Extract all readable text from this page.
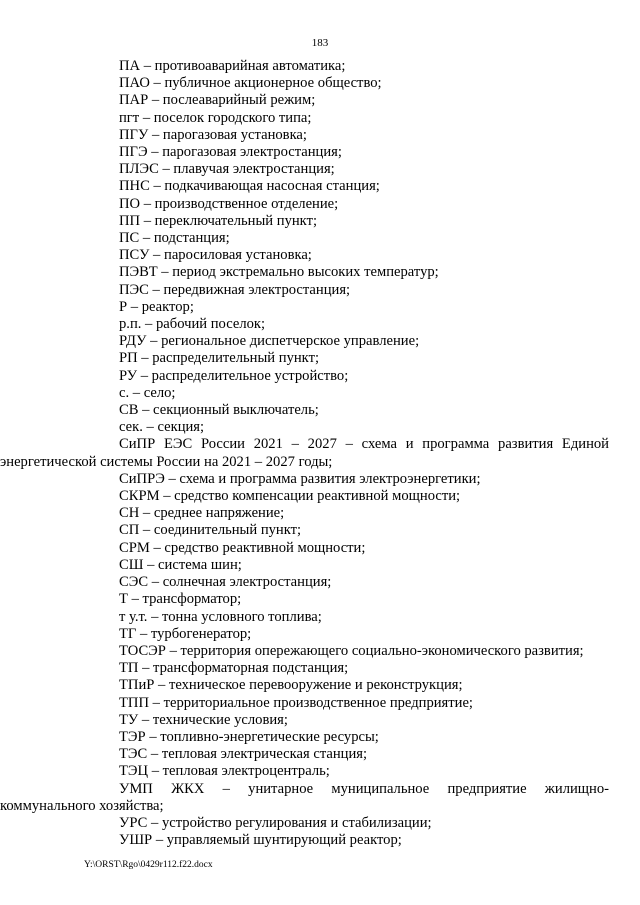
183
ПА – противоаварийная автоматика;
ПАО – публичное акционерное общество;
ПАР – послеаварийный режим;
пгт – поселок городского типа;
ПГУ – парогазовая установка;
ПГЭ – парогазовая электростанция;
ПЛЭС – плавучая электростанция;
ПНС – подкачивающая насосная станция;
ПО – производственное отделение;
ПП – переключательный пункт;
ПС – подстанция;
ПСУ – паросиловая установка;
ПЭВТ – период экстремально высоких температур;
ПЭС – передвижная электростанция;
Р – реактор;
р.п. – рабочий поселок;
РДУ – региональное диспетчерское управление;
РП – распределительный пункт;
РУ – распределительное устройство;
с. – село;
СВ – секционный выключатель;
сек. – секция;
СиПР ЕЭС России 2021 – 2027 – схема и программа развития Единой
энергетической системы России на 2021 – 2027 годы;
СиПРЭ – схема и программа развития электроэнергетики;
СКРМ – средство компенсации реактивной мощности;
СН – среднее напряжение;
СП – соединительный пункт;
СРМ – средство реактивной мощности;
СШ – система шин;
СЭС – солнечная электростанция;
Т – трансформатор;
т у.т. – тонна условного топлива;
ТГ – турбогенератор;
ТОСЭР – территория опережающего социально-экономического развития;
ТП – трансформаторная подстанция;
ТПиР – техническое перевооружение и реконструкция;
ТПП – территориальное производственное предприятие;
ТУ – технические условия;
ТЭР – топливно-энергетические ресурсы;
ТЭС – тепловая электрическая станция;
ТЭЦ – тепловая электроцентраль;
УМП ЖКХ – унитарное муниципальное предприятие жилищно-
коммунального хозяйства;
УРС – устройство регулирования и стабилизации;
УШР – управляемый шунтирующий реактор;
Y:\ORST\Rgo\0429r112.f22.docx
